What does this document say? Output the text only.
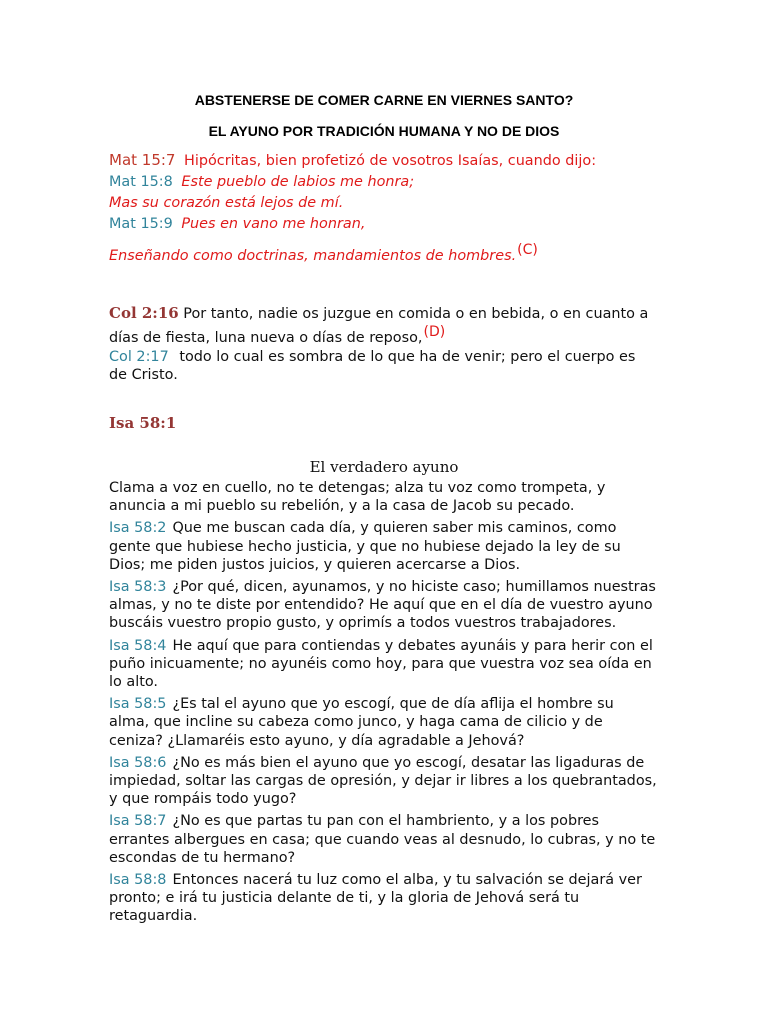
ABSTENERSE DE COMER CARNE EN VIERNES SANTO?
EL AYUNO POR TRADICIÓN HUMANA Y NO DE DIOS
Mat 15:7 Hipócritas, bien profetizó de vosotros Isaías, cuando dijo:
Mat 15:8 Este pueblo de labios me honra;
Mas su corazón está lejos de mí.
Mat 15:9 Pues en vano me honran,
Enseñando como doctrinas, mandamientos de hombres.(C)
Col 2:16 Por tanto, nadie os juzgue en comida o en bebida, o en cuanto a días de fiesta, luna nueva o días de reposo,(D)
Col 2:17 todo lo cual es sombra de lo que ha de venir; pero el cuerpo es de Cristo.
Isa 58:1
El verdadero ayuno

Clama a voz en cuello, no te detengas; alza tu voz como trompeta, y anuncia a mi pueblo su rebelión, y a la casa de Jacob su pecado.

Isa 58:2 Que me buscan cada día, y quieren saber mis caminos, como gente que hubiese hecho justicia, y que no hubiese dejado la ley de su Dios; me piden justos juicios, y quieren acercarse a Dios.

Isa 58:3 ¿Por qué, dicen, ayunamos, y no hiciste caso; humillamos nuestras almas, y no te diste por entendido? He aquí que en el día de vuestro ayuno buscáis vuestro propio gusto, y oprimís a todos vuestros trabajadores.

Isa 58:4 He aquí que para contiendas y debates ayunáis y para herir con el puño inicuamente; no ayunéis como hoy, para que vuestra voz sea oída en lo alto.

Isa 58:5 ¿Es tal el ayuno que yo escogí, que de día aflija el hombre su alma, que incline su cabeza como junco, y haga cama de cilicio y de ceniza? ¿Llamaréis esto ayuno, y día agradable a Jehová?

Isa 58:6 ¿No es más bien el ayuno que yo escogí, desatar las ligaduras de impiedad, soltar las cargas de opresión, y dejar ir libres a los quebrantados, y que rompáis todo yugo?

Isa 58:7 ¿No es que partas tu pan con el hambriento, y a los pobres errantes albergues en casa; que cuando veas al desnudo, lo cubras, y no te escondas de tu hermano?

Isa 58:8 Entonces nacerá tu luz como el alba, y tu salvación se dejará ver pronto; e irá tu justicia delante de ti, y la gloria de Jehová será tu retaguardia.
